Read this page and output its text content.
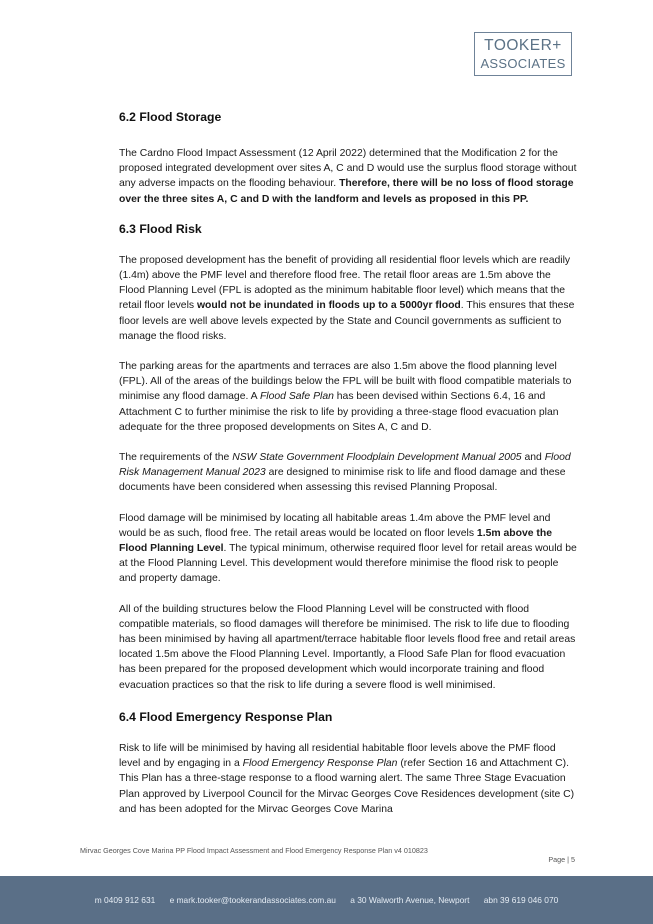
TOOKER+
ASSOCIATES
6.2 Flood Storage

The Cardno Flood Impact Assessment (12 April 2022) determined that the Modification 2 for the proposed integrated development over sites A, C and D would use the surplus flood storage without any adverse impacts on the flooding behaviour. Therefore, there will be no loss of flood storage over the three sites A, C and D with the landform and levels as proposed in this PP.

6.3 Flood Risk

The proposed development has the benefit of providing all residential floor levels which are readily (1.4m) above the PMF level and therefore flood free. The retail floor areas are 1.5m above the Flood Planning Level (FPL is adopted as the minimum habitable floor level) which means that the retail floor levels would not be inundated in floods up to a 5000yr flood. This ensures that these floor levels are well above levels expected by the State and Council governments as sufficient to manage the flood risks.

The parking areas for the apartments and terraces are also 1.5m above the flood planning level (FPL). All of the areas of the buildings below the FPL will be built with flood compatible materials to minimise any flood damage. A Flood Safe Plan has been devised within Sections 6.4, 16 and Attachment C to further minimise the risk to life by providing a three-stage flood evacuation plan adequate for the three proposed developments on Sites A, C and D.

The requirements of the NSW State Government Floodplain Development Manual 2005 and Flood Risk Management Manual 2023 are designed to minimise risk to life and flood damage and these documents have been considered when assessing this revised Planning Proposal.

Flood damage will be minimised by locating all habitable areas 1.4m above the PMF level and would be as such, flood free. The retail areas would be located on floor levels 1.5m above the Flood Planning Level. The typical minimum, otherwise required floor level for retail areas would be at the Flood Planning Level. This development would therefore minimise the flood risk to people and property damage.

All of the building structures below the Flood Planning Level will be constructed with flood compatible materials, so flood damages will therefore be minimised. The risk to life due to flooding has been minimised by having all apartment/terrace habitable floor levels flood free and retail areas located 1.5m above the Flood Planning Level. Importantly, a Flood Safe Plan for flood evacuation has been prepared for the proposed development which would incorporate training and flood evacuation practices so that the risk to life during a severe flood is well minimised.

6.4 Flood Emergency Response Plan

Risk to life will be minimised by having all residential habitable floor levels above the PMF flood level and by engaging in a Flood Emergency Response Plan (refer Section 16 and Attachment C). This Plan has a three-stage response to a flood warning alert. The same Three Stage Evacuation Plan approved by Liverpool Council for the Mirvac Georges Cove Residences development (site C) and has been adopted for the Mirvac Georges Cove Marina

Mirvac Georges Cove Marina PP Flood Impact Assessment and Flood Emergency Response Plan v4 010823
Page | 5
m 0409 912 631 e mark.tooker@tookerandassociates.com.au a 30 Walworth Avenue, Newport abn 39 619 046 070
